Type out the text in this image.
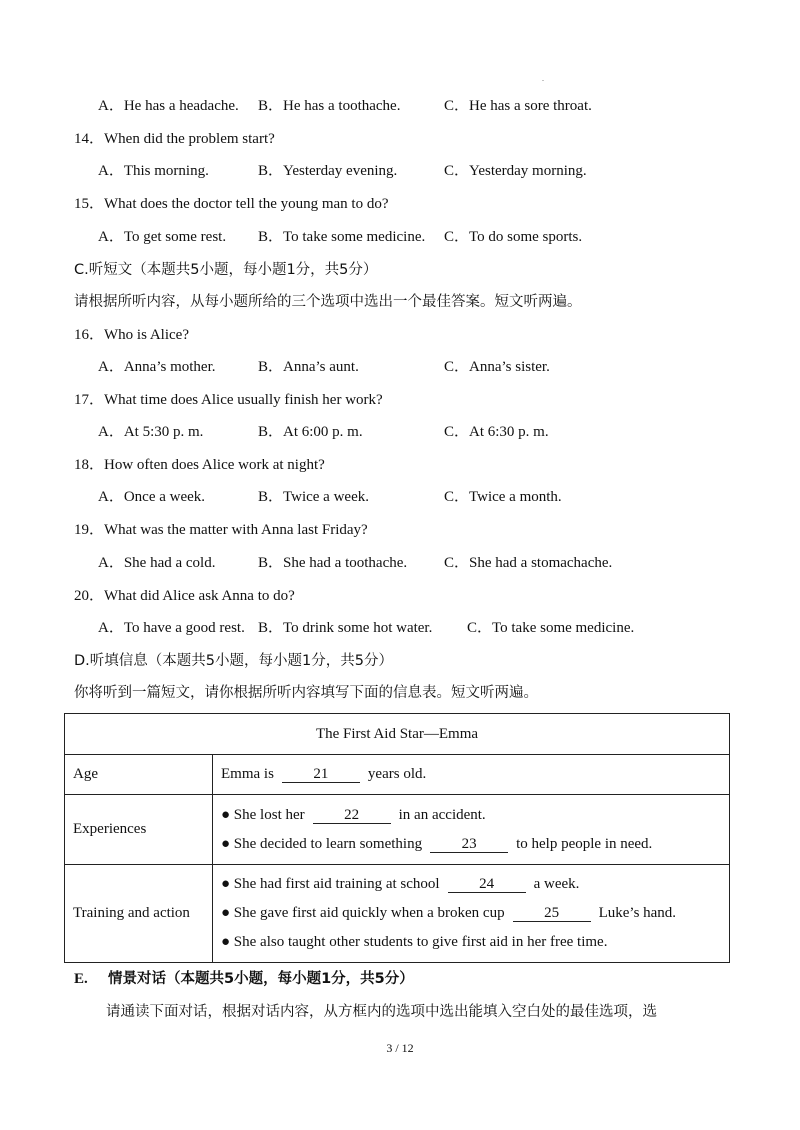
.
A．He has a headache. B．He has a toothache.	C．He has a sore throat.
14．When did the problem start?
A．This morning.	B．Yesterday evening.	C．Yesterday morning.
15．What does the doctor tell the young man to do?
A．To get some rest. B．To take some medicine. C．To do some sports.
C.听短文（本题共5小题，每小题1分，共5分）
请根据所听内容，从每小题所给的三个选项中选出一个最佳答案。短文听两遍。
16．Who is Alice?
A．Anna’s mother.	B．Anna’s aunt.	C．Anna’s sister.
17．What time does Alice usually finish her work?
A．At 5:30 p. m.	B．At 6:00 p. m.	C．At 6:30 p. m.
18．How often does Alice work at night?
A．Once a week.	B．Twice a week.	C．Twice a month.
19．What was the matter with Anna last Friday?
A．She had a cold.	B．She had a toothache. C．She had a stomachache.
20．What did Alice ask Anna to do?
A．To have a good rest. B．To drink some hot water. C．To take some medicine.
D.听填信息（本题共5小题，每小题1分，共5分）
你将听到一篇短文，请你根据所听内容填写下面的信息表。短文听两遍。
The First Aid Star—Emma	
Age	Emma is 21 years old.
Experiences	● She lost her 22 in an accident.
● She decided to learn something 23 to help people in need.

Training and action	● She had first aid training at school 24 a week.
● She gave first aid quickly when a broken cup 25 Luke’s hand.
● She also taught other students to give first aid in her free time.
E. 情景对话（本题共5小题，每小题1分，共5分）
请通读下面对话，根据对话内容，从方框内的选项中选出能填入空白处的最佳选项，选
3 / 12
